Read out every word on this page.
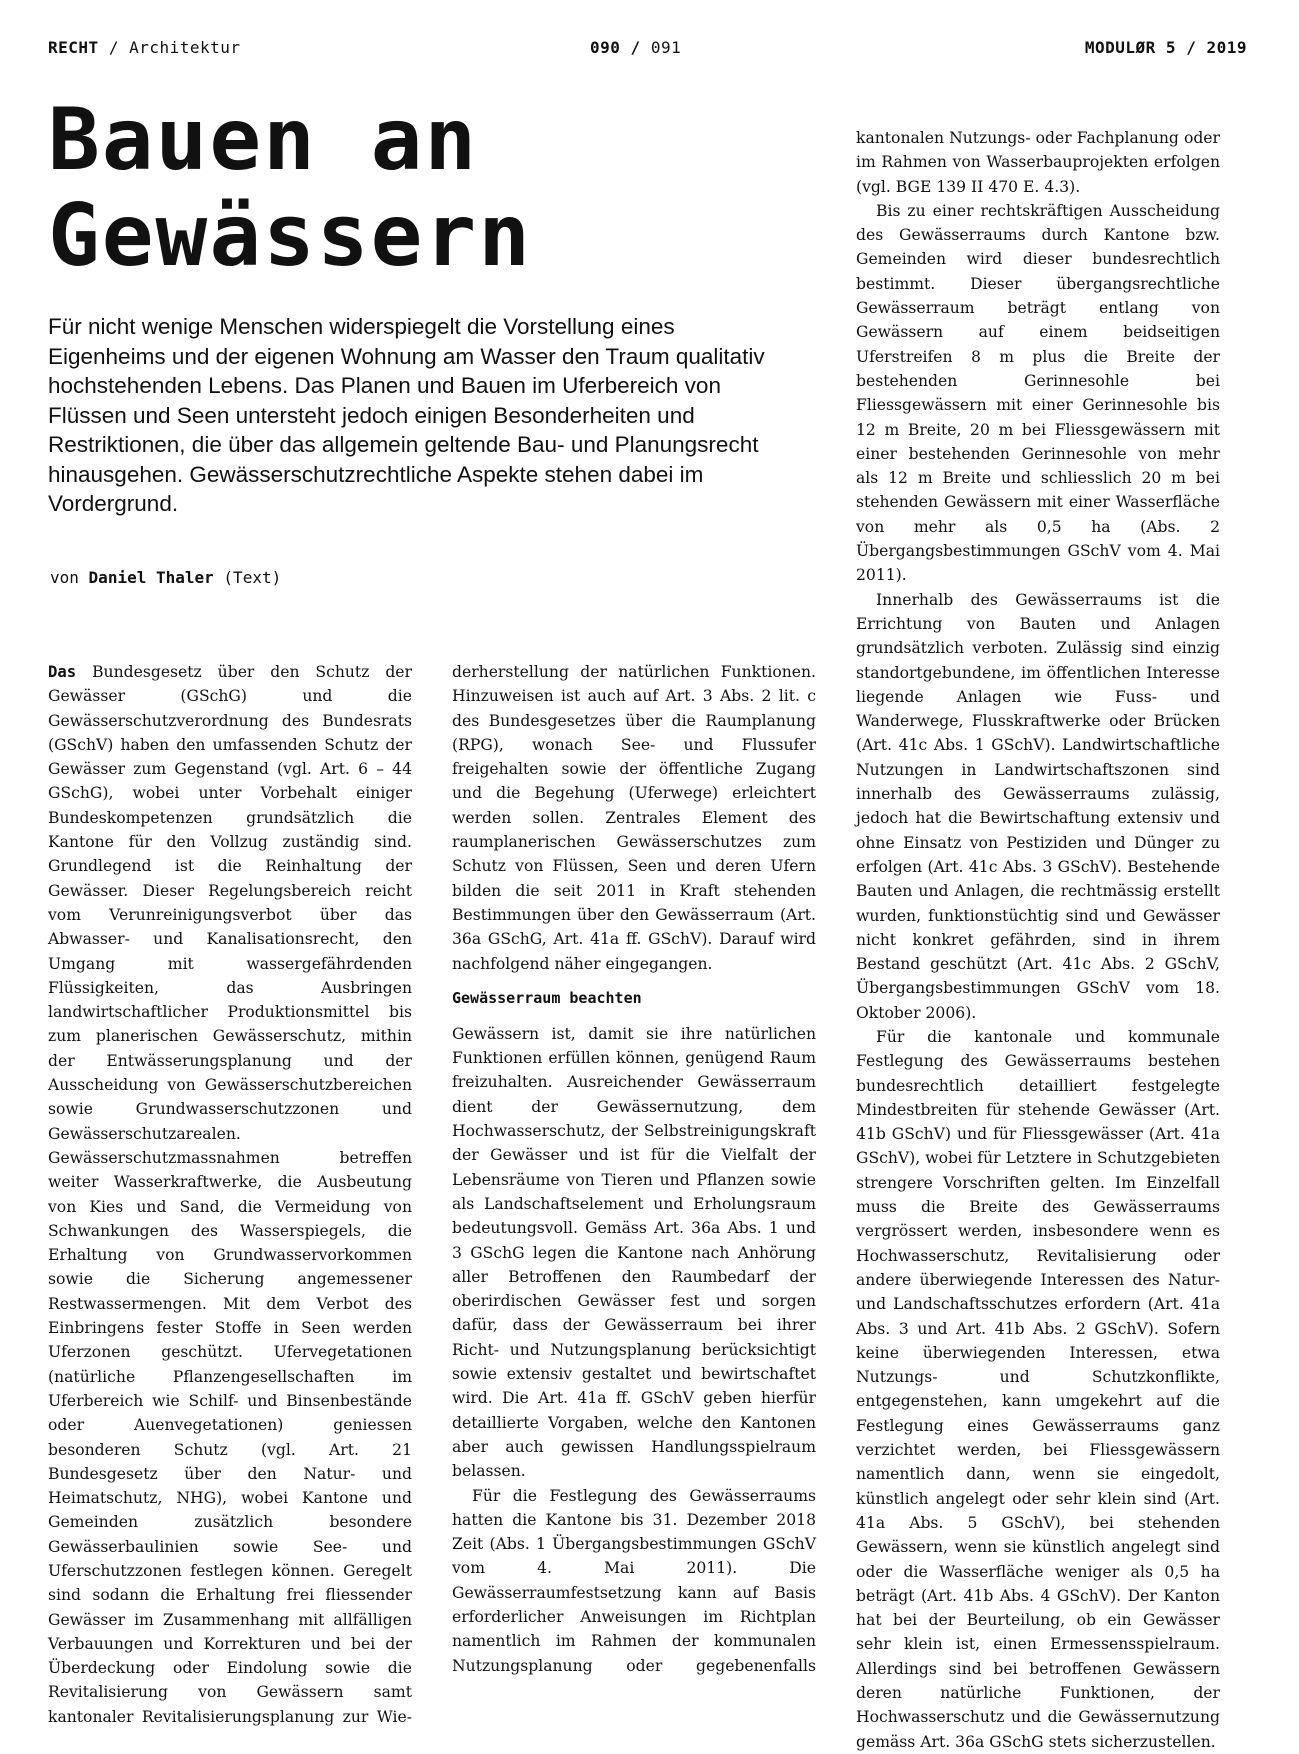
RECHT / Architektur	090 / 091	MODULØR 5 / 2019
Bauen an Gewässern

Für nicht wenige Menschen widerspiegelt die Vorstellung eines Eigenheims und der eigenen Wohnung am Wasser den Traum qualitativ hochstehenden Lebens. Das Planen und Bauen im Uferbereich von Flüssen und Seen untersteht jedoch einigen Besonderheiten und Restriktionen, die über das allgemein geltende Bau- und Planungsrecht hinausgehen. Gewässerschutzrechtliche Aspekte stehen dabei im Vordergrund.

von Daniel Thaler (Text)

Das Bundesgesetz über den Schutz der Gewässer (GSchG) und die Gewässerschutzverordnung des Bundesrats (GSchV) haben den umfassenden Schutz der Gewässer zum Gegenstand (vgl. Art. 6 – 44 GSchG), wobei unter Vorbehalt einiger Bundeskompetenzen grundsätzlich die Kantone für den Vollzug zuständig sind. Grundlegend ist die Reinhaltung der Gewässer. Dieser Regelungsbereich reicht vom Verunreinigungsverbot über das Abwasser- und Kanalisationsrecht, den Umgang mit wassergefährdenden Flüssigkeiten, das Ausbringen landwirtschaftlicher Produktionsmittel bis zum planerischen Gewässerschutz, mithin der Entwässerungsplanung und der Ausscheidung von Gewässerschutzbereichen sowie Grundwasserschutzzonen und Gewässerschutzarealen.

Gewässerschutzmassnahmen betreffen weiter Wasserkraftwerke, die Ausbeutung von Kies und Sand, die Vermeidung von Schwankungen des Wasserspiegels, die Erhaltung von Grundwasservorkommen sowie die Sicherung angemessener Restwassermengen. Mit dem Verbot des Einbringens fester Stoffe in Seen werden Uferzonen geschützt. Ufervegetationen (natürliche Pflanzengesellschaften im Uferbereich wie Schilf- und Binsenbestände oder Auenvegetationen) geniessen besonderen Schutz (vgl. Art. 21 Bundesgesetz über den Natur- und Heimatschutz, NHG), wobei Kantone und Gemeinden zusätzlich besondere Gewässerbaulinien sowie See- und Uferschutzzonen festlegen können. Geregelt sind sodann die Erhaltung frei fliessender Gewässer im Zusammenhang mit allfälligen Verbauungen und Korrekturen und bei der Überdeckung oder Eindolung sowie die Revitalisierung von Gewässern samt kantonaler Revitalisierungsplanung zur Wie-

derherstellung der natürlichen Funktionen. Hinzuweisen ist auch auf Art. 3 Abs. 2 lit. c des Bundesgesetzes über die Raumplanung (RPG), wonach See- und Flussufer freigehalten sowie der öffentliche Zugang und die Begehung (Uferwege) erleichtert werden sollen. Zentrales Element des raumplanerischen Gewässerschutzes zum Schutz von Flüssen, Seen und deren Ufern bilden die seit 2011 in Kraft stehenden Bestimmungen über den Gewässerraum (Art. 36a GSchG, Art. 41a ff. GSchV). Darauf wird nachfolgend näher eingegangen.

Gewässerraum beachten

Gewässern ist, damit sie ihre natürlichen Funktionen erfüllen können, genügend Raum freizuhalten. Ausreichender Gewässerraum dient der Gewässernutzung, dem Hochwasserschutz, der Selbstreinigungskraft der Gewässer und ist für die Vielfalt der Lebensräume von Tieren und Pflanzen sowie als Landschaftselement und Erholungsraum bedeutungsvoll. Gemäss Art. 36a Abs. 1 und 3 GSchG legen die Kantone nach Anhörung aller Betroffenen den Raumbedarf der oberirdischen Gewässer fest und sorgen dafür, dass der Gewässerraum bei ihrer Richt- und Nutzungsplanung berücksichtigt sowie extensiv gestaltet und bewirtschaftet wird. Die Art. 41a ff. GSchV geben hierfür detaillierte Vorgaben, welche den Kantonen aber auch gewissen Handlungsspielraum belassen.

Für die Festlegung des Gewässerraums hatten die Kantone bis 31. Dezember 2018 Zeit (Abs. 1 Übergangsbestimmungen GSchV vom 4. Mai 2011). Die Gewässerraumfestsetzung kann auf Basis erforderlicher Anweisungen im Richtplan namentlich im Rahmen der kommunalen Nutzungsplanung oder gegebenenfalls

kantonalen Nutzungs- oder Fachplanung oder im Rahmen von Wasserbauprojekten erfolgen (vgl. BGE 139 II 470 E. 4.3).

Bis zu einer rechtskräftigen Ausscheidung des Gewässerraums durch Kantone bzw. Gemeinden wird dieser bundesrechtlich bestimmt. Dieser übergangsrechtliche Gewässerraum beträgt entlang von Gewässern auf einem beidseitigen Uferstreifen 8 m plus die Breite der bestehenden Gerinnesohle bei Fliessgewässern mit einer Gerinnesohle bis 12 m Breite, 20 m bei Fliessgewässern mit einer bestehenden Gerinnesohle von mehr als 12 m Breite und schliesslich 20 m bei stehenden Gewässern mit einer Wasserfläche von mehr als 0,5 ha (Abs. 2 Übergangsbestimmungen GSchV vom 4. Mai 2011).

Innerhalb des Gewässerraums ist die Errichtung von Bauten und Anlagen grundsätzlich verboten. Zulässig sind einzig standortgebundene, im öffentlichen Interesse liegende Anlagen wie Fuss- und Wanderwege, Flusskraftwerke oder Brücken (Art. 41c Abs. 1 GSchV). Landwirtschaftliche Nutzungen in Landwirtschaftszonen sind innerhalb des Gewässerraums zulässig, jedoch hat die Bewirtschaftung extensiv und ohne Einsatz von Pestiziden und Dünger zu erfolgen (Art. 41c Abs. 3 GSchV). Bestehende Bauten und Anlagen, die rechtmässig erstellt wurden, funktionstüchtig sind und Gewässer nicht konkret gefährden, sind in ihrem Bestand geschützt (Art. 41c Abs. 2 GSchV, Übergangsbestimmungen GSchV vom 18. Oktober 2006).

Für die kantonale und kommunale Festlegung des Gewässerraums bestehen bundesrechtlich detailliert festgelegte Mindestbreiten für stehende Gewässer (Art. 41b GSchV) und für Fliessgewässer (Art. 41a GSchV), wobei für Letztere in Schutzgebieten strengere Vorschriften gelten. Im Einzelfall muss die Breite des Gewässerraums vergrössert werden, insbesondere wenn es Hochwasserschutz, Revitalisierung oder andere überwiegende Interessen des Natur- und Landschaftsschutzes erfordern (Art. 41a Abs. 3 und Art. 41b Abs. 2 GSchV). Sofern keine überwiegenden Interessen, etwa Nutzungs- und Schutzkonflikte, entgegenstehen, kann umgekehrt auf die Festlegung eines Gewässerraums ganz verzichtet werden, bei Fliessgewässern namentlich dann, wenn sie eingedolt, künstlich angelegt oder sehr klein sind (Art. 41a Abs. 5 GSchV), bei stehenden Gewässern, wenn sie künstlich angelegt sind oder die Wasserfläche weniger als 0,5 ha beträgt (Art. 41b Abs. 4 GSchV). Der Kanton hat bei der Beurteilung, ob ein Gewässer sehr klein ist, einen Ermessensspielraum. Allerdings sind bei betroffenen Gewässern deren natürliche Funktionen, der Hochwasserschutz und die Gewässernutzung gemäss Art. 36a GSchG stets sicherzustellen.
